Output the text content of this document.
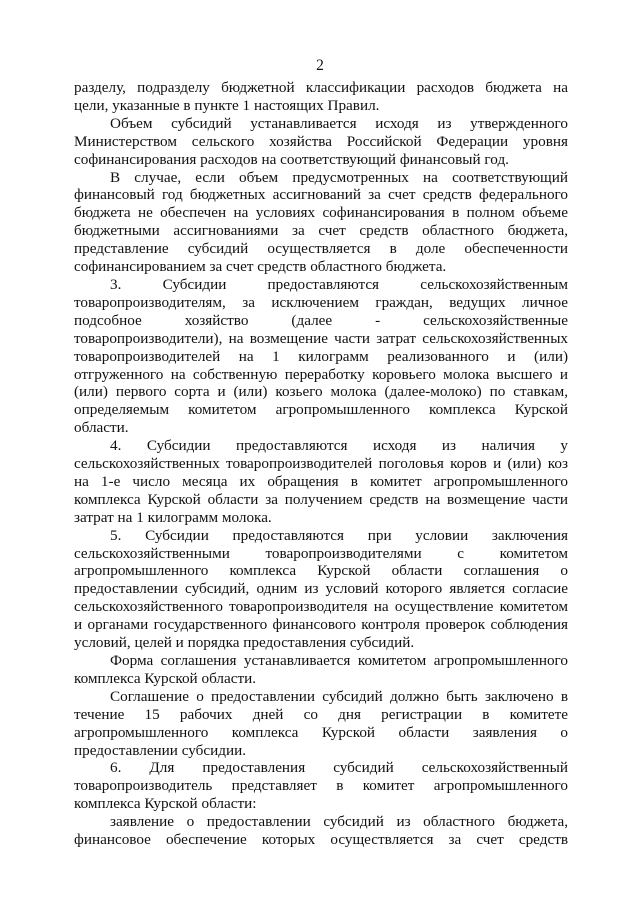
2
разделу, подразделу бюджетной классификации расходов бюджета на
цели, указанные в пункте 1 настоящих Правил.
Объем субсидий устанавливается исходя из утвержденного
Министерством сельского хозяйства Российской Федерации уровня
софинансирования расходов на соответствующий финансовый год.
В случае, если объем предусмотренных на соответствующий
финансовый год бюджетных ассигнований за счет средств федерального
бюджета не обеспечен на условиях софинансирования в полном объеме
бюджетными ассигнованиями за счет средств областного бюджета,
представление субсидий осуществляется в доле обеспеченности
софинансированием за счет средств областного бюджета.
3. Субсидии предоставляются сельскохозяйственным
товаропроизводителям, за исключением граждан, ведущих личное
подсобное хозяйство (далее - сельскохозяйственные
товаропроизводители), на возмещение части затрат сельскохозяйственных
товаропроизводителей на 1 килограмм реализованного и (или)
отгруженного на собственную переработку коровьего молока высшего и
(или) первого сорта и (или) козьего молока (далее-молоко) по ставкам,
определяемым комитетом агропромышленного комплекса Курской
области.
4. Субсидии предоставляются исходя из наличия у
сельскохозяйственных товаропроизводителей поголовья коров и (или) коз
на 1-е число месяца их обращения в комитет агропромышленного
комплекса Курской области за получением средств на возмещение части
затрат на 1 килограмм молока.
5. Субсидии предоставляются при условии заключения
сельскохозяйственными товаропроизводителями с комитетом
агропромышленного комплекса Курской области соглашения о
предоставлении субсидий, одним из условий которого является согласие
сельскохозяйственного товаропроизводителя на осуществление комитетом
и органами государственного финансового контроля проверок соблюдения
условий, целей и порядка предоставления субсидий.
Форма соглашения устанавливается комитетом агропромышленного
комплекса Курской области.
Соглашение о предоставлении субсидий должно быть заключено в
течение 15 рабочих дней со дня регистрации в комитете
агропромышленного комплекса Курской области заявления о
предоставлении субсидии.
6. Для предоставления субсидий сельскохозяйственный
товаропроизводитель представляет в комитет агропромышленного
комплекса Курской области:
заявление о предоставлении субсидий из областного бюджета,
финансовое обеспечение которых осуществляется за счет средств
